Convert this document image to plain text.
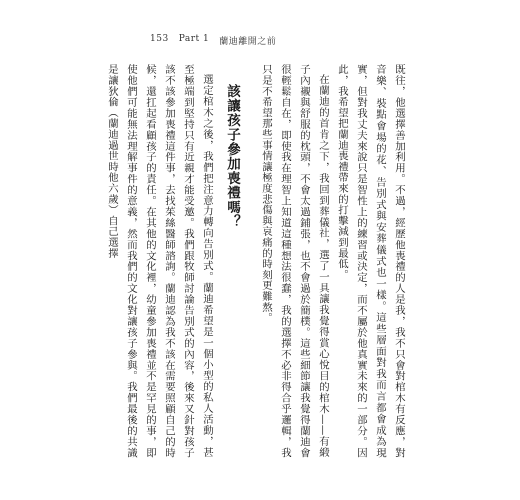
153 Part 1 蘭迪離開之前

既往，他選擇善加利用。不過，經歷他喪禮的人是我，我不只會對棺木有反應，對音樂、裝點會場的花、告別式與安葬儀式也一樣。這些層面對我而言都會成為現實，但對我丈夫來說只是智性上的練習或決定，而不屬於他真實未來的一部分。因此，我希望把蘭迪喪禮帶來的打擊減到最低。

在蘭迪的首肯之下，我回到葬儀社，選了一具讓我覺得賞心悅目的棺木——有緞子內襯與舒服的枕頭，不會太過鋪張，也不會過於簡樸。這些細節讓我覺得蘭迪會很輕鬆自在，即使我在理智上知道這種想法很蠢，我的選擇不必非得合乎邏輯，我只是不希望那些事情讓極度悲傷與哀痛的時刻更難熬。

該讓孩子參加喪禮嗎？

選定棺木之後，我們把注意力轉向告別式。蘭迪希望是一個小型的私人活動，甚至極端到堅持只有近親才能受邀。我們跟牧師討論告別式的內容，後來又針對孩子該不該參加喪禮這件事，去找茱絲醫師諮詢。蘭迪認為我不該在需要照顧自己的時候，還扛起看顧孩子的責任。在其他的文化裡，幼童參加喪禮並不是罕見的事，即使他們可能無法理解事件的意義，然而我們的文化對讓孩子參與。我們最後的共識是讓狄倫（蘭迪過世時他六歲）自己選擇
